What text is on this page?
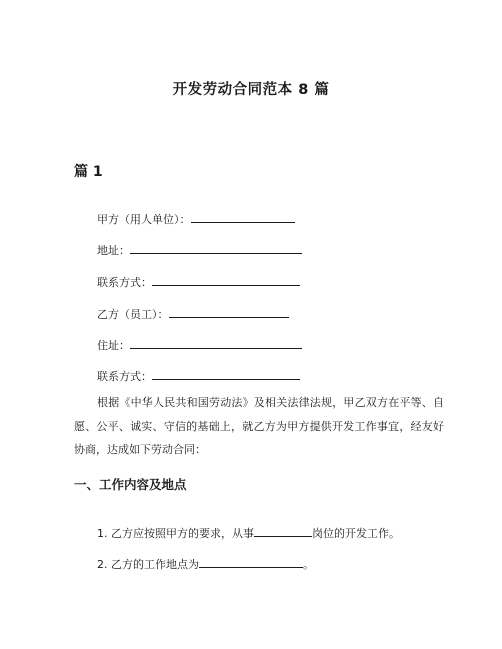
开发劳动合同范本 8 篇
篇 1
甲方（用人单位）：
地址：
联系方式：
乙方（员工）：
住址：
联系方式：
根据《中华人民共和国劳动法》及相关法律法规，甲乙双方在平等、自愿、公平、诚实、守信的基础上，就乙方为甲方提供开发工作事宜，经友好协商，达成如下劳动合同：
一、工作内容及地点
1. 乙方应按照甲方的要求，从事	岗位的开发工作。
2. 乙方的工作地点为	。
